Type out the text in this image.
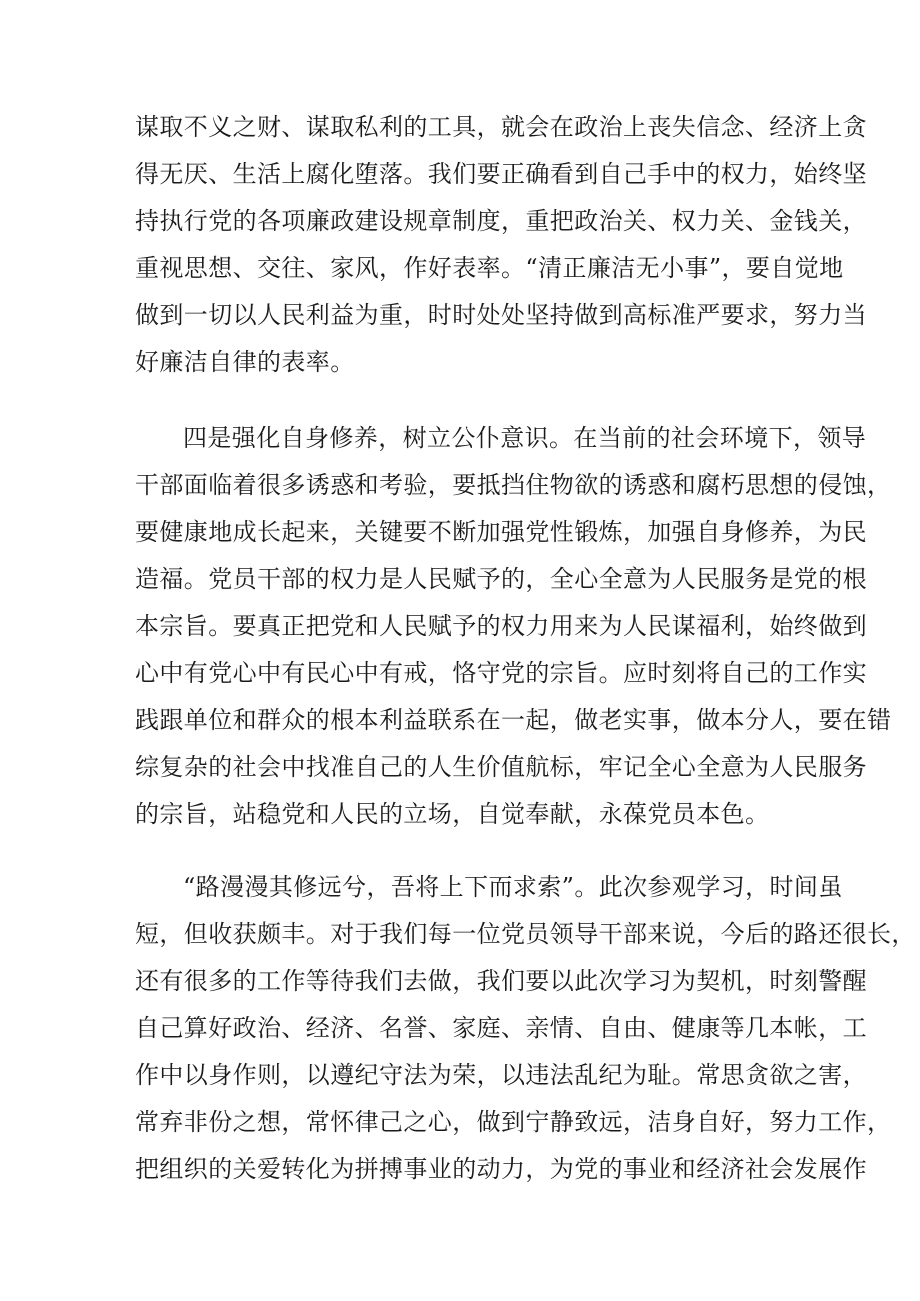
谋取不义之财、谋取私利的工具，就会在政治上丧失信念、经济上贪
得无厌、生活上腐化堕落。我们要正确看到自己手中的权力，始终坚
持执行党的各项廉政建设规章制度，重把政治关、权力关、金钱关，
重视思想、交往、家风，作好表率。“清正廉洁无小事”，要自觉地
做到一切以人民利益为重，时时处处坚持做到高标准严要求，努力当
好廉洁自律的表率。
四是强化自身修养，树立公仆意识。在当前的社会环境下，领导
干部面临着很多诱惑和考验，要抵挡住物欲的诱惑和腐朽思想的侵蚀，
要健康地成长起来，关键要不断加强党性锻炼，加强自身修养，为民
造福。党员干部的权力是人民赋予的，全心全意为人民服务是党的根
本宗旨。要真正把党和人民赋予的权力用来为人民谋福利，始终做到
心中有党心中有民心中有戒，恪守党的宗旨。应时刻将自己的工作实
践跟单位和群众的根本利益联系在一起，做老实事，做本分人，要在错
综复杂的社会中找准自己的人生价值航标，牢记全心全意为人民服务
的宗旨，站稳党和人民的立场，自觉奉献，永葆党员本色。
“路漫漫其修远兮，吾将上下而求索”。此次参观学习，时间虽
短，但收获颇丰。对于我们每一位党员领导干部来说，今后的路还很长，
还有很多的工作等待我们去做，我们要以此次学习为契机，时刻警醒
自己算好政治、经济、名誉、家庭、亲情、自由、健康等几本帐，工
作中以身作则，以遵纪守法为荣，以违法乱纪为耻。常思贪欲之害，
常弃非份之想，常怀律己之心，做到宁静致远，洁身自好，努力工作，
把组织的关爱转化为拼搏事业的动力，为党的事业和经济社会发展作
